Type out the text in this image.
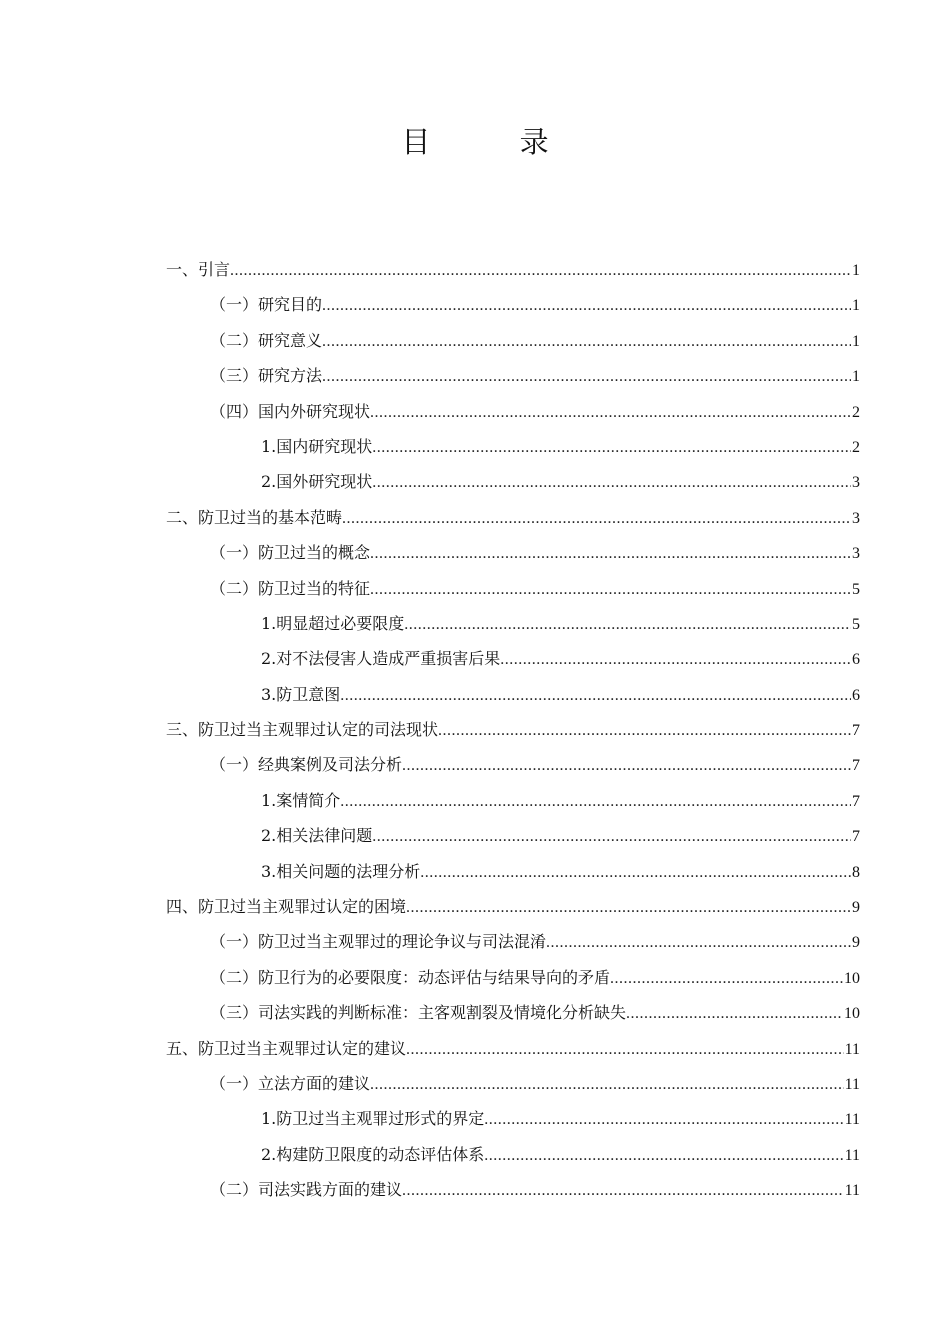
目 录
一、引言 .....	1
（一）研究目的 .....	1
（二）研究意义 .....	1
（三）研究方法 .....	1
（四）国内外研究现状 .....	2
1.国内研究现状 .....	2
2.国外研究现状 .....	3
二、防卫过当的基本范畴 .....	3
（一）防卫过当的概念 .....	3
（二）防卫过当的特征 .....	5
1.明显超过必要限度 .....	5
2.对不法侵害人造成严重损害后果 .....	6
3.防卫意图 .....	6
三、防卫过当主观罪过认定的司法现状 .....	7
（一）经典案例及司法分析 .....	7
1.案情简介 .....	7
2.相关法律问题 .....	7
3.相关问题的法理分析 .....	8
四、防卫过当主观罪过认定的困境 .....	9
（一）防卫过当主观罪过的理论争议与司法混淆 .....	9
（二）防卫行为的必要限度：动态评估与结果导向的矛盾 .....	10
（三）司法实践的判断标准：主客观割裂及情境化分析缺失 .....	10
五、防卫过当主观罪过认定的建议 .....	11
（一）立法方面的建议 .....	11
1.防卫过当主观罪过形式的界定 .....	11
2.构建防卫限度的动态评估体系 .....	11
（二）司法实践方面的建议 .....	11
